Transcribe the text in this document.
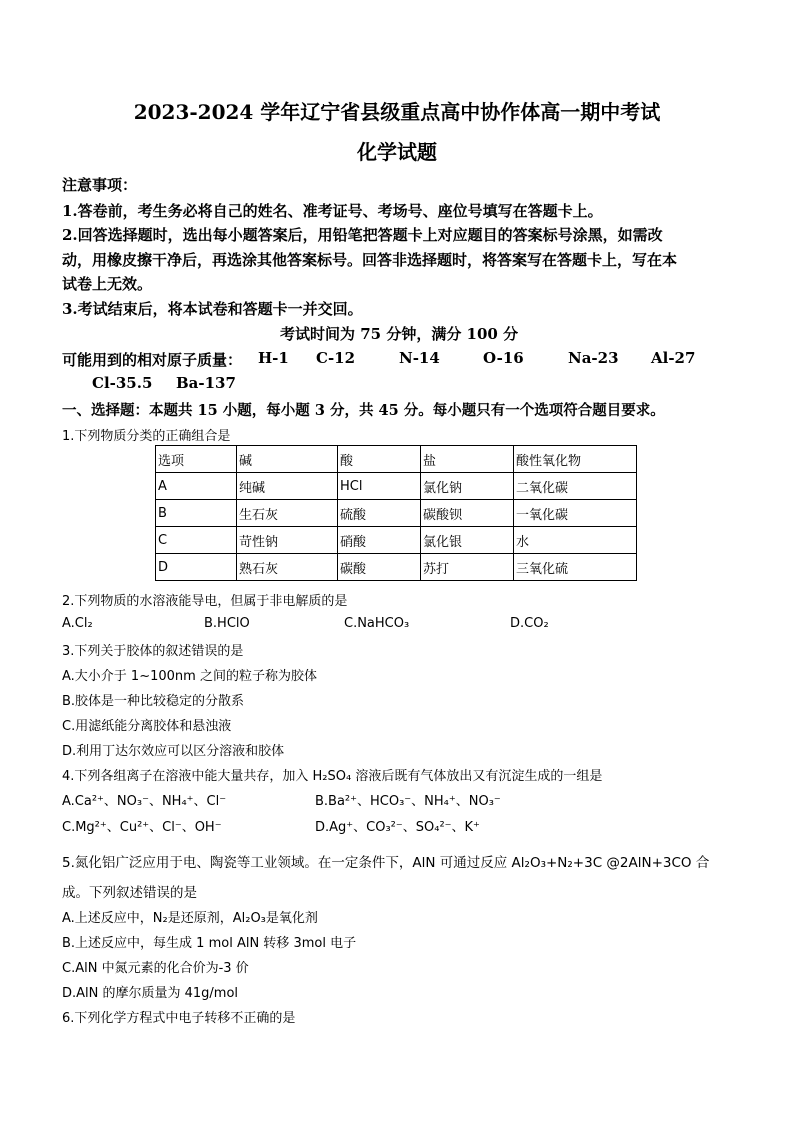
2023-2024 学年辽宁省县级重点高中协作体高一期中考试
化学试题
注意事项：
1.答卷前，考生务必将自己的姓名、准考证号、考场号、座位号填写在答题卡上。
2.回答选择题时，选出每小题答案后，用铅笔把答题卡上对应题目的答案标号涂黑，如需改
动，用橡皮擦干净后，再选涂其他答案标号。回答非选择题时，将答案写在答题卡上，写在本
试卷上无效。
3.考试结束后，将本试卷和答题卡一并交回。
考试时间为 75 分钟，满分 100 分
可能用到的相对原子质量： H-1 C-12	N-14	O-16	Na-23 Al-27
Cl-35.5 Ba-137
一、选择题：本题共 15 小题，每小题 3 分，共 45 分。每小题只有一个选项符合题目要求。
1.下列物质分类的正确组合是
选项	碱	酸	盐	酸性氧化物
A	纯碱	HCl	氯化钠	二氧化碳
B	生石灰	硫酸	碳酸钡	一氧化碳
C	苛性钠	硝酸	氯化银	水
D	熟石灰	碳酸	苏打	三氧化硫
2.下列物质的水溶液能导电，但属于非电解质的是
A.Cl₂	B.HClO	C.NaHCO₃	D.CO₂
3.下列关于胶体的叙述错误的是
A.大小介于 1~100nm 之间的粒子称为胶体
B.胶体是一种比较稳定的分散系
C.用滤纸能分离胶体和悬浊液
D.利用丁达尔效应可以区分溶液和胶体
4.下列各组离子在溶液中能大量共存，加入 H₂SO₄ 溶液后既有气体放出又有沉淀生成的一组是
A.Ca²⁺、NO₃⁻、NH₄⁺、Cl⁻	B.Ba²⁺、HCO₃⁻、NH₄⁺、NO₃⁻
C.Mg²⁺、Cu²⁺、Cl⁻、OH⁻	D.Ag⁺、CO₃²⁻、SO₄²⁻、K⁺
5.氮化铝广泛应用于电、陶瓷等工业领域。在一定条件下，AlN 可通过反应 Al₂O₃+N₂+3C @2AlN+3CO 合
成。下列叙述错误的是
A.上述反应中，N₂是还原剂，Al₂O₃是氧化剂
B.上述反应中，每生成 1 mol AlN 转移 3mol 电子
C.AlN 中氮元素的化合价为-3 价
D.AlN 的摩尔质量为 41g/mol
6.下列化学方程式中电子转移不正确的是
